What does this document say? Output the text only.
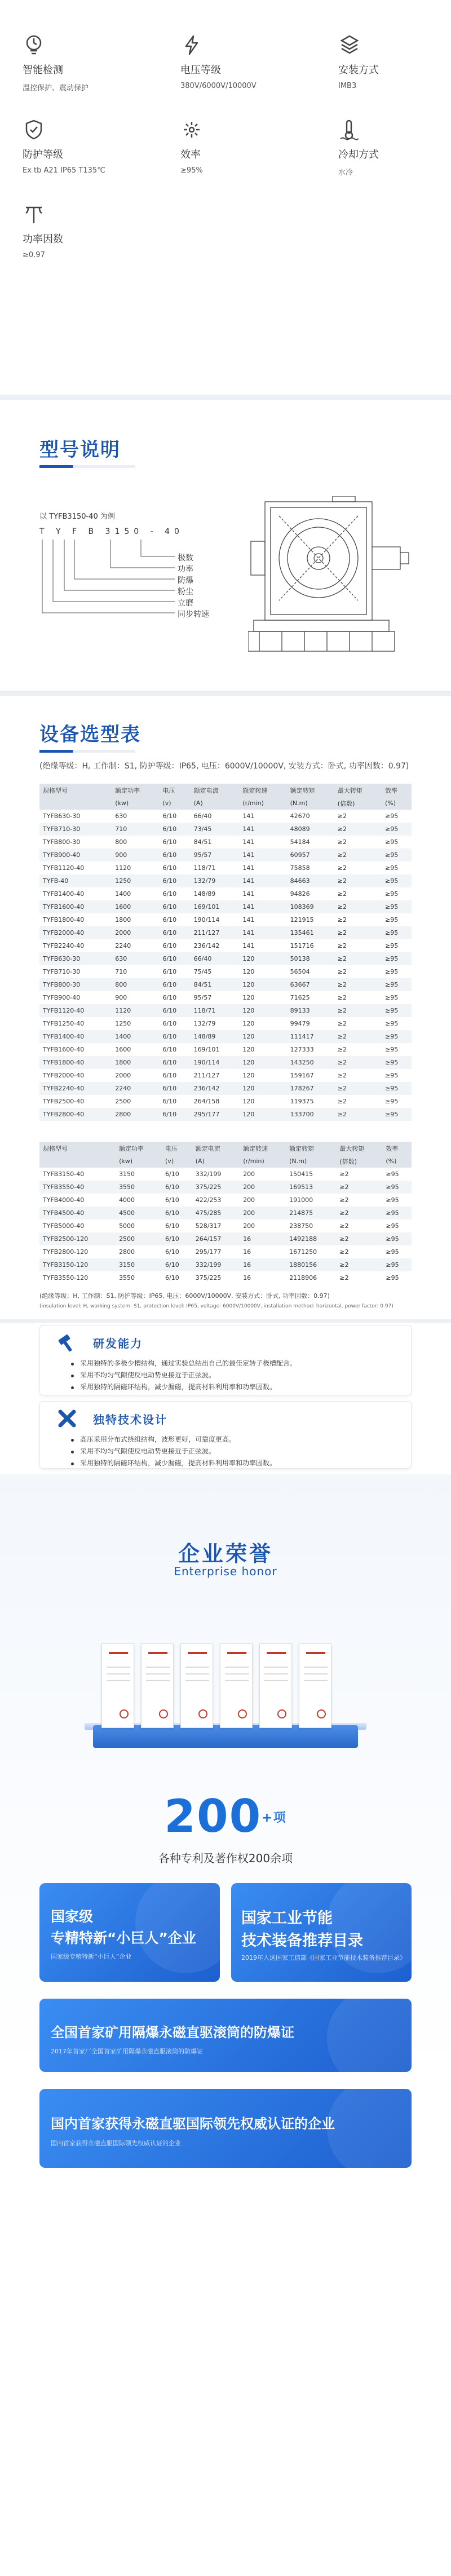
智能检测
温控保护、震动保护
电压等级
380V/6000V/10000V
安装方式
IMB3
防护等级
Ex tb A21 IP65 T135℃
效率
≥95%
冷却方式
水冷
功率因数
≥0.97
型号说明
以 TYFB3150-40 为例
T Y F B 3150 - 40
极数
功率
防爆
粉尘
立磨
同步转速
设备选型表
(绝缘等级：H, 工作制：S1, 防护等级：IP65, 电压：6000V/10000V, 安装方式：卧式, 功率因数：0.97)
规格型号	额定功率	电压	额定电流	额定转速	额定转矩	最大转矩	效率
	(kw)	(v)	(A)	(r/min)	(N.m)	(倍数)	(%)
TYFB630-30	630	6/10	66/40	141	42670	≥2	≥95
TYFB710-30	710	6/10	73/45	141	48089	≥2	≥95
TYFB800-30	800	6/10	84/51	141	54184	≥2	≥95
TYFB900-40	900	6/10	95/57	141	60957	≥2	≥95
TYFB1120-40	1120	6/10	118/71	141	75858	≥2	≥95
TYFB-40	1250	6/10	132/79	141	84663	≥2	≥95
TYFB1400-40	1400	6/10	148/89	141	94826	≥2	≥95
TYFB1600-40	1600	6/10	169/101	141	108369	≥2	≥95
TYFB1800-40	1800	6/10	190/114	141	121915	≥2	≥95
TYFB2000-40	2000	6/10	211/127	141	135461	≥2	≥95
TYFB2240-40	2240	6/10	236/142	141	151716	≥2	≥95
TYFB630-30	630	6/10	66/40	120	50138	≥2	≥95
TYFB710-30	710	6/10	75/45	120	56504	≥2	≥95
TYFB800-30	800	6/10	84/51	120	63667	≥2	≥95
TYFB900-40	900	6/10	95/57	120	71625	≥2	≥95
TYFB1120-40	1120	6/10	118/71	120	89133	≥2	≥95
TYFB1250-40	1250	6/10	132/79	120	99479	≥2	≥95
TYFB1400-40	1400	6/10	148/89	120	111417	≥2	≥95
TYFB1600-40	1600	6/10	169/101	120	127333	≥2	≥95
TYFB1800-40	1800	6/10	190/114	120	143250	≥2	≥95
TYFB2000-40	2000	6/10	211/127	120	159167	≥2	≥95
TYFB2240-40	2240	6/10	236/142	120	178267	≥2	≥95
TYFB2500-40	2500	6/10	264/158	120	119375	≥2	≥95
TYFB2800-40	2800	6/10	295/177	120	133700	≥2	≥95
规格型号	额定功率	电压	额定电流	额定转速	额定转矩	最大转矩	效率
	(kw)	(v)	(A)	(r/min)	(N.m)	(倍数)	(%)
TYFB3150-40	3150	6/10	332/199	200	150415	≥2	≥95
TYFB3550-40	3550	6/10	375/225	200	169513	≥2	≥95
TYFB4000-40	4000	6/10	422/253	200	191000	≥2	≥95
TYFB4500-40	4500	6/10	475/285	200	214875	≥2	≥95
TYFB5000-40	5000	6/10	528/317	200	238750	≥2	≥95
TYFB2500-120	2500	6/10	264/157	16	1492188	≥2	≥95
TYFB2800-120	2800	6/10	295/177	16	1671250	≥2	≥95
TYFB3150-120	3150	6/10	332/199	16	1880156	≥2	≥95
TYFB3550-120	3550	6/10	375/225	16	2118906	≥2	≥95
(绝缘等级：H, 工作制：S1, 防护等级：IP65, 电压：6000V/10000V, 安装方式：卧式, 功率因数：0.97)
(insulation level: H, working system: S1, protection level: IP65, voltage: 6000V/10000V, installation method: horizontal, power factor: 0.97)
企业荣誉
Enterprise honor
$200^{+项}$
各种专利及著作权200余项
国家级
专精特新“小巨人”企业
国家级专精特新“小巨人”企业
国家工业节能
技术装备推荐目录
2019年入选国家工信部《国家工业节能技术装备推荐目录》
全国首家矿用隔爆永磁直驱滚筒的防爆证
2017年首家厂全国首家矿用隔爆永磁直驱滚筒的防爆证
国内首家获得永磁直驱国际领先权威认证的企业
国内首家获得永磁直驱国际领先权威认证的企业
研发能力
采用独特的多极少槽结构，通过实验总结出自己的最佳定转子极槽配合。
采用不均匀气隙使反电动势更接近于正弦波。
采用独特的隔磁环结构，减少漏磁，提高材料利用率和功率因数。
独特技术设计
高压采用分布式绕组结构，波形更好，可靠度更高。
采用不均匀气隙使反电动势更接近于正弦波。
采用独特的隔磁环结构，减少漏磁，提高材料利用率和功率因数。
